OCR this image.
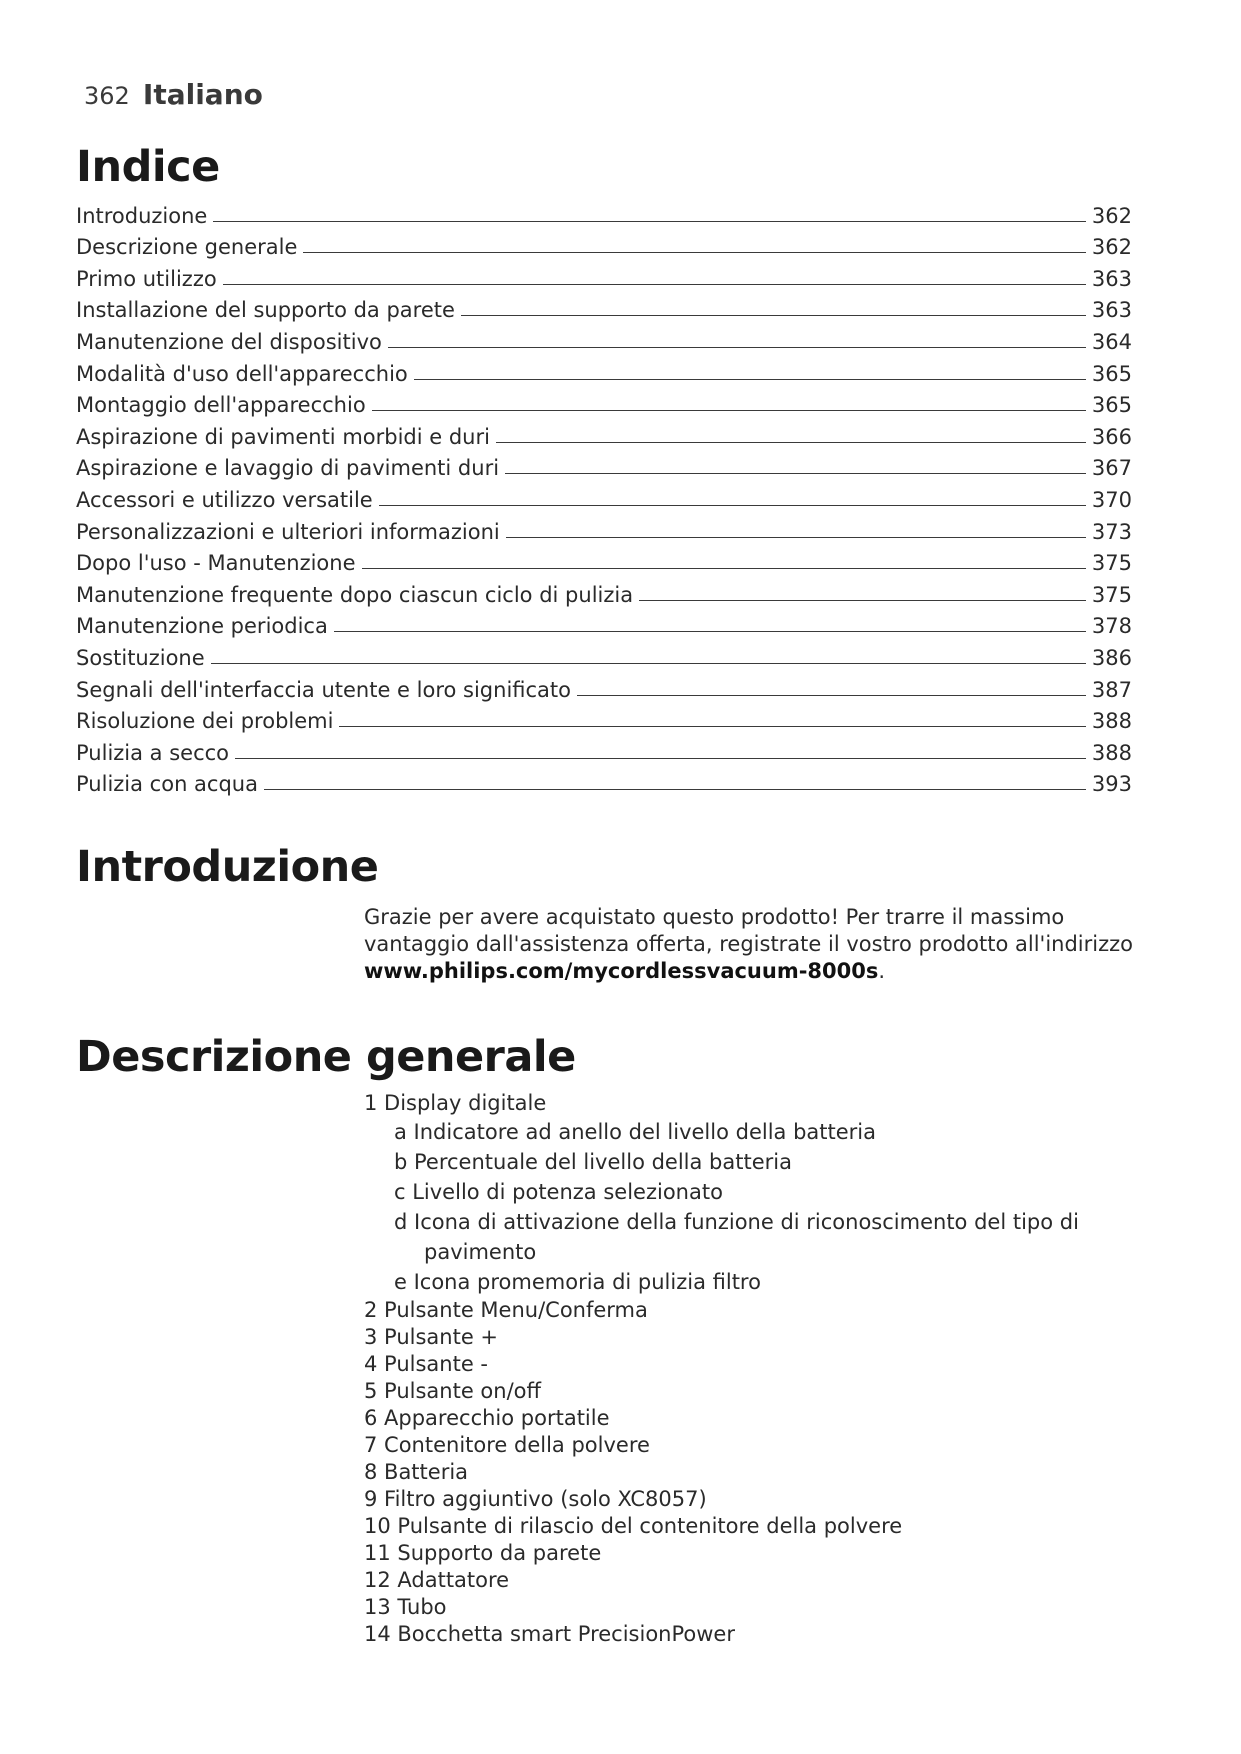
362 Italiano
Indice
Introduzione	362
Descrizione generale	362
Primo utilizzo	363
Installazione del supporto da parete	363
Manutenzione del dispositivo	364
Modalità d'uso dell'apparecchio	365
Montaggio dell'apparecchio	365
Aspirazione di pavimenti morbidi e duri	366
Aspirazione e lavaggio di pavimenti duri	367
Accessori e utilizzo versatile	370
Personalizzazioni e ulteriori informazioni	373
Dopo l'uso - Manutenzione	375
Manutenzione frequente dopo ciascun ciclo di pulizia	375
Manutenzione periodica	378
Sostituzione	386
Segnali dell'interfaccia utente e loro significato	387
Risoluzione dei problemi	388
Pulizia a secco	388
Pulizia con acqua	393
Introduzione
Grazie per avere acquistato questo prodotto! Per trarre il massimo vantaggio dall'assistenza offerta, registrate il vostro prodotto all'indirizzo www.philips.com/mycordlessvacuum-8000s.
Descrizione generale
1 Display digitale
a Indicatore ad anello del livello della batteria
b Percentuale del livello della batteria
c Livello di potenza selezionato
d Icona di attivazione della funzione di riconoscimento del tipo di
pavimento
e Icona promemoria di pulizia filtro
2 Pulsante Menu/Conferma
3 Pulsante +
4 Pulsante -
5 Pulsante on/off
6 Apparecchio portatile
7 Contenitore della polvere
8 Batteria
9 Filtro aggiuntivo (solo XC8057)
10 Pulsante di rilascio del contenitore della polvere
11 Supporto da parete
12 Adattatore
13 Tubo
14 Bocchetta smart PrecisionPower
